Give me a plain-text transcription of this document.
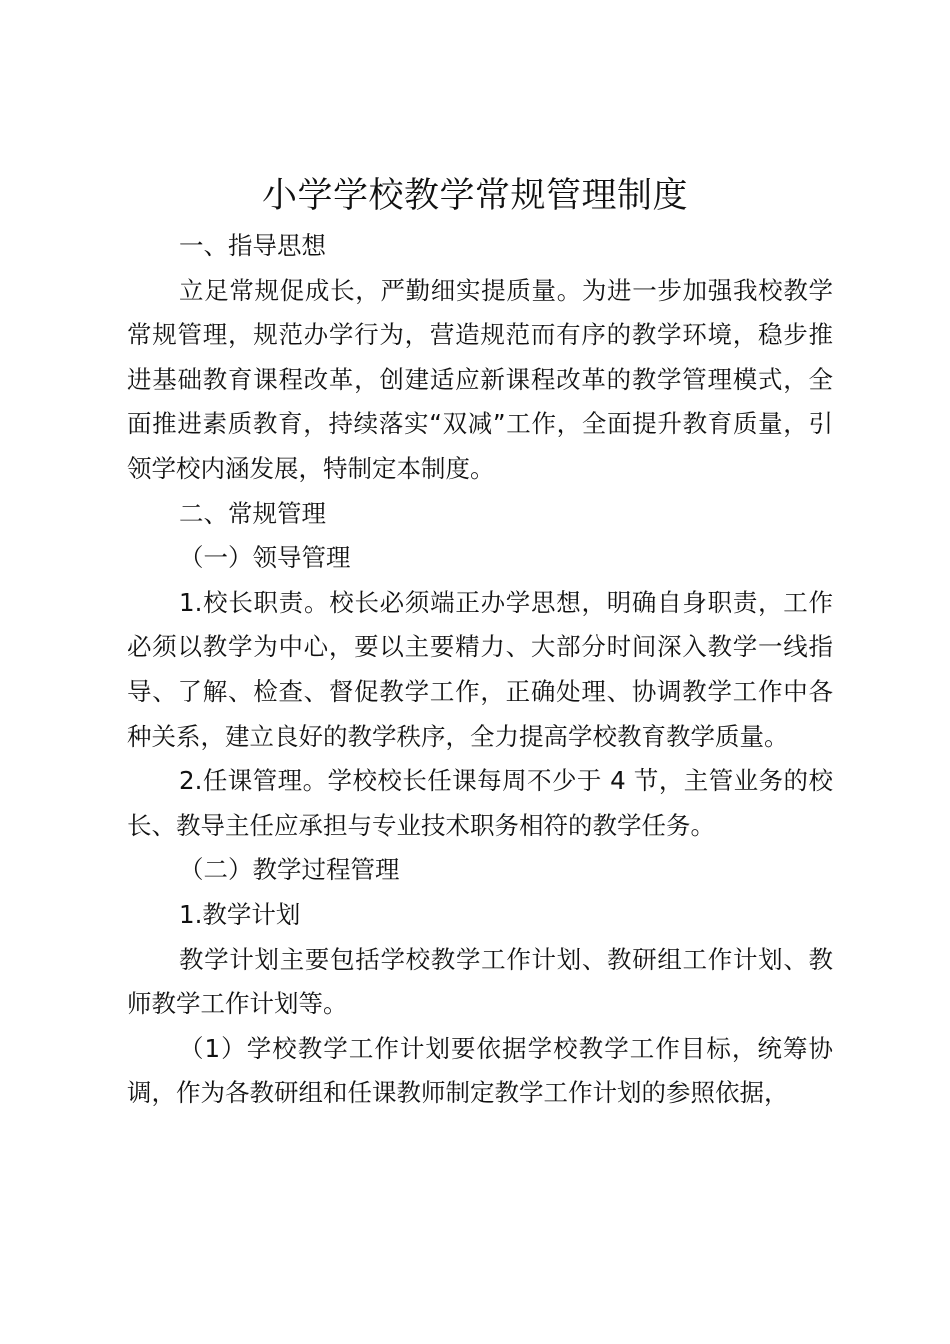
小学学校教学常规管理制度

一、指导思想

立足常规促成长，严勤细实提质量。为进一步加强我校教学常规管理，规范办学行为，营造规范而有序的教学环境，稳步推进基础教育课程改革，创建适应新课程改革的教学管理模式，全面推进素质教育，持续落实“双减”工作，全面提升教育质量，引领学校内涵发展，特制定本制度。

二、常规管理

（一）领导管理

1.校长职责。校长必须端正办学思想，明确自身职责，工作必须以教学为中心，要以主要精力、大部分时间深入教学一线指导、了解、检查、督促教学工作，正确处理、协调教学工作中各种关系，建立良好的教学秩序，全力提高学校教育教学质量。

2.任课管理。学校校长任课每周不少于 4 节，主管业务的校长、教导主任应承担与专业技术职务相符的教学任务。

（二）教学过程管理

1.教学计划

教学计划主要包括学校教学工作计划、教研组工作计划、教师教学工作计划等。

（1）学校教学工作计划要依据学校教学工作目标，统筹协调，作为各教研组和任课教师制定教学工作计划的参照依据，
